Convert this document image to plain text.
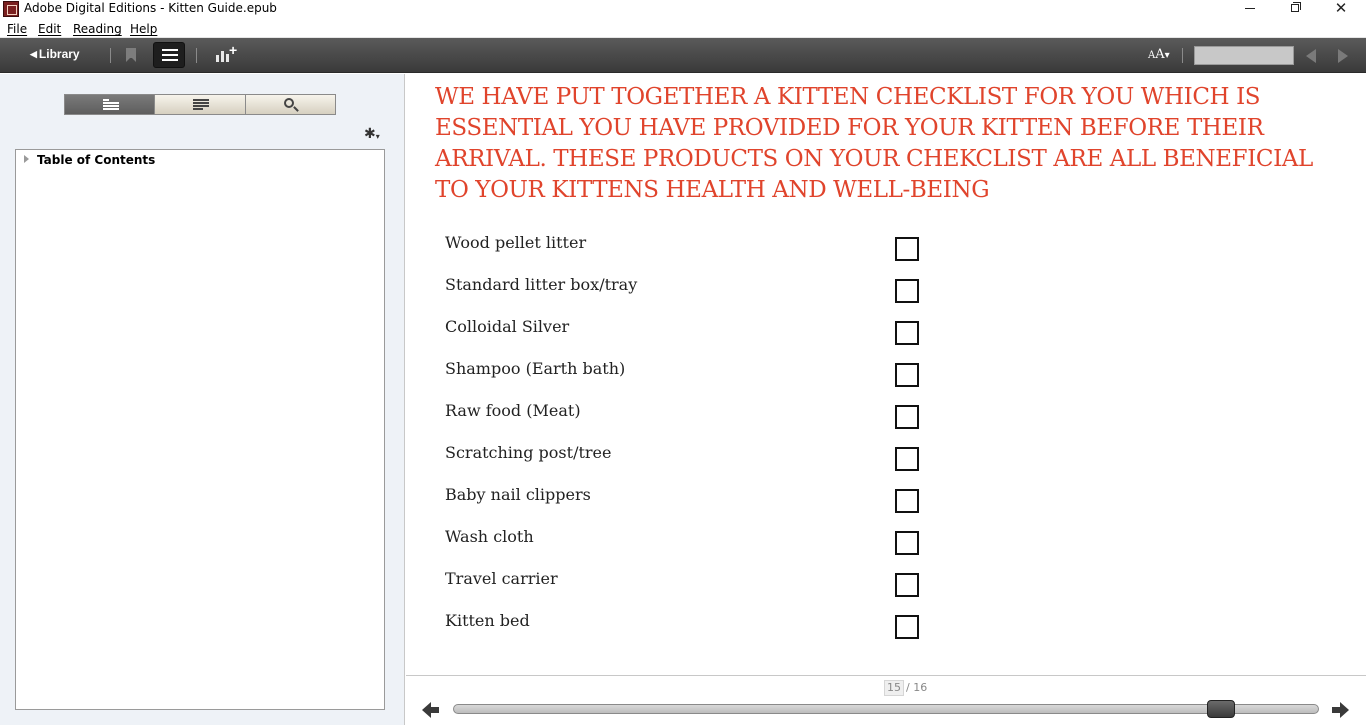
Adobe Digital Editions - Kitten Guide.epub	✕
File Edit Reading Help
◀ Library	+	AA▾
✱▾
Table of Contents
WE HAVE PUT TOGETHER A KITTEN CHECKLIST FOR YOU WHICH IS ESSENTIAL YOU HAVE PROVIDED FOR YOUR KITTEN BEFORE THEIR ARRIVAL. THESE PRODUCTS ON YOUR CHEKCLIST ARE ALL BENEFICIAL TO YOUR KITTENS HEALTH AND WELL-BEING
Wood pellet litter
Standard litter box/tray
Colloidal Silver
Shampoo (Earth bath)
Raw food (Meat)
Scratching post/tree
Baby nail clippers
Wash cloth
Travel carrier
Kitten bed
15 / 16
